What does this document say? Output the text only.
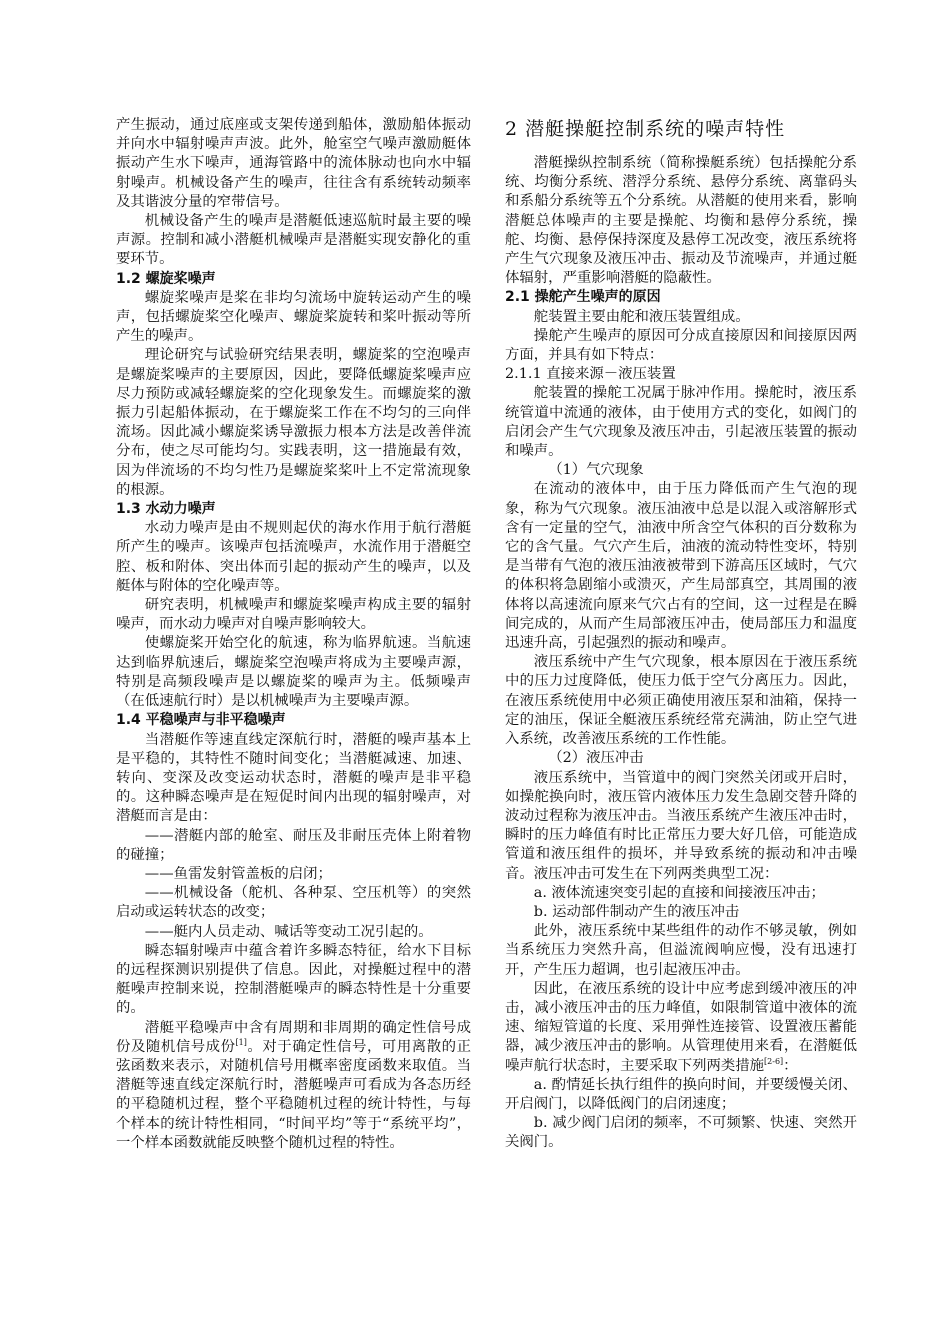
产生振动，通过底座或支架传递到船体，激励船体振动并向水中辐射噪声声波。此外，舱室空气噪声激励艇体振动产生水下噪声，通海管路中的流体脉动也向水中辐射噪声。机械设备产生的噪声，往往含有系统转动频率及其谐波分量的窄带信号。

机械设备产生的噪声是潜艇低速巡航时最主要的噪声源。控制和减小潜艇机械噪声是潜艇实现安静化的重要环节。

1.2 螺旋桨噪声

螺旋桨噪声是桨在非均匀流场中旋转运动产生的噪声，包括螺旋桨空化噪声、螺旋桨旋转和桨叶振动等所产生的噪声。

理论研究与试验研究结果表明，螺旋桨的空泡噪声是螺旋桨噪声的主要原因，因此，要降低螺旋桨噪声应尽力预防或减轻螺旋桨的空化现象发生。而螺旋桨的激振力引起船体振动，在于螺旋桨工作在不均匀的三向伴流场。因此减小螺旋桨诱导激振力根本方法是改善伴流分布，使之尽可能均匀。实践表明，这一措施最有效，因为伴流场的不均匀性乃是螺旋桨桨叶上不定常流现象的根源。

1.3 水动力噪声

水动力噪声是由不规则起伏的海水作用于航行潜艇所产生的噪声。该噪声包括流噪声，水流作用于潜艇空腔、板和附体、突出体而引起的振动产生的噪声，以及艇体与附体的空化噪声等。

研究表明，机械噪声和螺旋桨噪声构成主要的辐射噪声，而水动力噪声对自噪声影响较大。

使螺旋桨开始空化的航速，称为临界航速。当航速达到临界航速后，螺旋桨空泡噪声将成为主要噪声源，特别是高频段噪声是以螺旋桨的噪声为主。低频噪声（在低速航行时）是以机械噪声为主要噪声源。

1.4 平稳噪声与非平稳噪声

当潜艇作等速直线定深航行时，潜艇的噪声基本上是平稳的，其特性不随时间变化；当潜艇减速、加速、转向、变深及改变运动状态时，潜艇的噪声是非平稳的。这种瞬态噪声是在短促时间内出现的辐射噪声，对潜艇而言是由：

——潜艇内部的舱室、耐压及非耐压壳体上附着物的碰撞；

——鱼雷发射管盖板的启闭；

——机械设备（舵机、各种泵、空压机等）的突然启动或运转状态的改变；

——艇内人员走动、喊话等变动工况引起的。

瞬态辐射噪声中蕴含着许多瞬态特征，给水下目标的远程探测识别提供了信息。因此，对操艇过程中的潜艇噪声控制来说，控制潜艇噪声的瞬态特性是十分重要的。

潜艇平稳噪声中含有周期和非周期的确定性信号成份及随机信号成份[1]。对于确定性信号，可用离散的正弦函数来表示，对随机信号用概率密度函数来取值。当潜艇等速直线定深航行时，潜艇噪声可看成为各态历经的平稳随机过程，整个平稳随机过程的统计特性，与每个样本的统计特性相同，“时间平均”等于“系统平均”，一个样本函数就能反映整个随机过程的特性。

2 潜艇操艇控制系统的噪声特性

潜艇操纵控制系统（简称操艇系统）包括操舵分系统、均衡分系统、潜浮分系统、悬停分系统、离靠码头和系船分系统等五个分系统。从潜艇的使用来看，影响潜艇总体噪声的主要是操舵、均衡和悬停分系统，操舵、均衡、悬停保持深度及悬停工况改变，液压系统将产生气穴现象及液压冲击、振动及节流噪声，并通过艇体辐射，严重影响潜艇的隐蔽性。

2.1 操舵产生噪声的原因

舵装置主要由舵和液压装置组成。

操舵产生噪声的原因可分成直接原因和间接原因两方面，并具有如下特点：

2.1.1 直接来源－液压装置

舵装置的操舵工况属于脉冲作用。操舵时，液压系统管道中流通的液体，由于使用方式的变化，如阀门的启闭会产生气穴现象及液压冲击，引起液压装置的振动和噪声。

（1）气穴现象

在流动的液体中，由于压力降低而产生气泡的现象，称为气穴现象。液压油液中总是以混入或溶解形式含有一定量的空气，油液中所含空气体积的百分数称为它的含气量。气穴产生后，油液的流动特性变坏，特别是当带有气泡的液压油液被带到下游高压区域时，气穴的体积将急剧缩小或溃灭，产生局部真空，其周围的液体将以高速流向原来气穴占有的空间，这一过程是在瞬间完成的，从而产生局部液压冲击，使局部压力和温度迅速升高，引起强烈的振动和噪声。

液压系统中产生气穴现象，根本原因在于液压系统中的压力过度降低，使压力低于空气分离压力。因此，在液压系统使用中必须正确使用液压泵和油箱，保持一定的油压，保证全艇液压系统经常充满油，防止空气进入系统，改善液压系统的工作性能。

（2）液压冲击

液压系统中，当管道中的阀门突然关闭或开启时，如操舵换向时，液压管内液体压力发生急剧交替升降的波动过程称为液压冲击。当液压系统产生液压冲击时，瞬时的压力峰值有时比正常压力要大好几倍，可能造成管道和液压组件的损坏，并导致系统的振动和冲击噪音。液压冲击可发生在下列两类典型工况：

a. 液体流速突变引起的直接和间接液压冲击；

b. 运动部件制动产生的液压冲击

此外，液压系统中某些组件的动作不够灵敏，例如当系统压力突然升高，但溢流阀响应慢，没有迅速打开，产生压力超调，也引起液压冲击。

因此，在液压系统的设计中应考虑到缓冲液压的冲击，减小液压冲击的压力峰值，如限制管道中液体的流速、缩短管道的长度、采用弹性连接管、设置液压蓄能器，减少液压冲击的影响。从管理使用来看，在潜艇低噪声航行状态时，主要采取下列两类措施[2-6]：

a. 酌情延长执行组件的换向时间，并要缓慢关闭、开启阀门，以降低阀门的启闭速度；

b. 减少阀门启闭的频率，不可频繁、快速、突然开关阀门。
